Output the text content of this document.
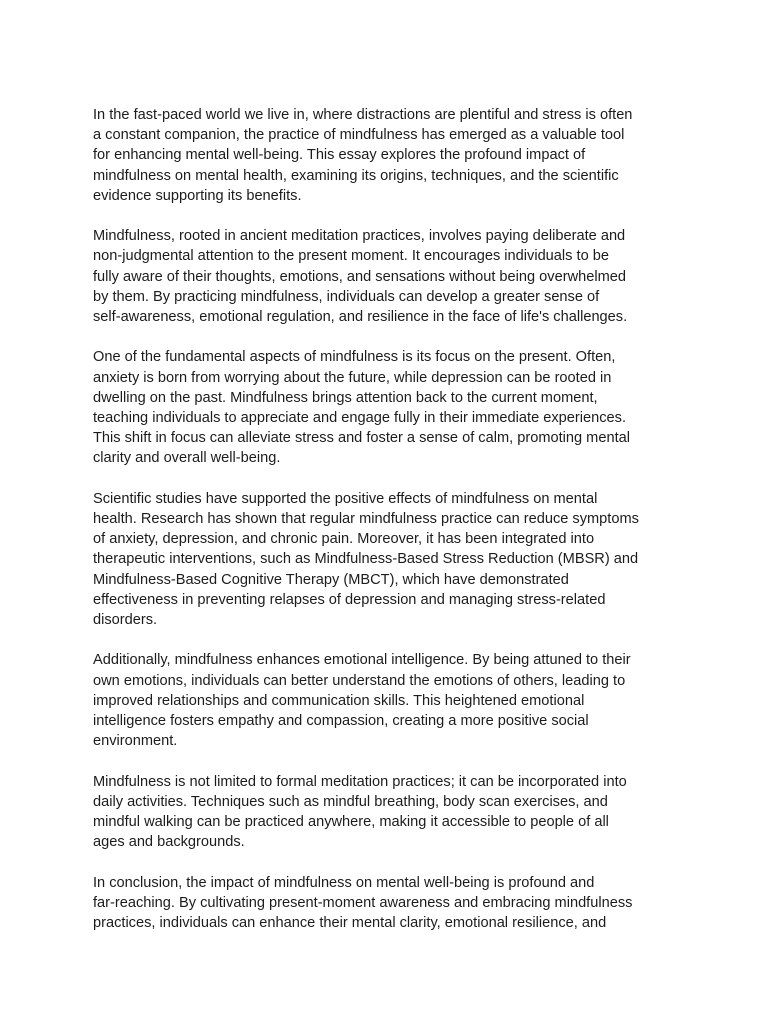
In the fast-paced world we live in, where distractions are plentiful and stress is often
a constant companion, the practice of mindfulness has emerged as a valuable tool
for enhancing mental well-being. This essay explores the profound impact of
mindfulness on mental health, examining its origins, techniques, and the scientific
evidence supporting its benefits.

Mindfulness, rooted in ancient meditation practices, involves paying deliberate and
non-judgmental attention to the present moment. It encourages individuals to be
fully aware of their thoughts, emotions, and sensations without being overwhelmed
by them. By practicing mindfulness, individuals can develop a greater sense of
self-awareness, emotional regulation, and resilience in the face of life's challenges.

One of the fundamental aspects of mindfulness is its focus on the present. Often,
anxiety is born from worrying about the future, while depression can be rooted in
dwelling on the past. Mindfulness brings attention back to the current moment,
teaching individuals to appreciate and engage fully in their immediate experiences.
This shift in focus can alleviate stress and foster a sense of calm, promoting mental
clarity and overall well-being.

Scientific studies have supported the positive effects of mindfulness on mental
health. Research has shown that regular mindfulness practice can reduce symptoms
of anxiety, depression, and chronic pain. Moreover, it has been integrated into
therapeutic interventions, such as Mindfulness-Based Stress Reduction (MBSR) and
Mindfulness-Based Cognitive Therapy (MBCT), which have demonstrated
effectiveness in preventing relapses of depression and managing stress-related
disorders.

Additionally, mindfulness enhances emotional intelligence. By being attuned to their
own emotions, individuals can better understand the emotions of others, leading to
improved relationships and communication skills. This heightened emotional
intelligence fosters empathy and compassion, creating a more positive social
environment.

Mindfulness is not limited to formal meditation practices; it can be incorporated into
daily activities. Techniques such as mindful breathing, body scan exercises, and
mindful walking can be practiced anywhere, making it accessible to people of all
ages and backgrounds.

In conclusion, the impact of mindfulness on mental well-being is profound and
far-reaching. By cultivating present-moment awareness and embracing mindfulness
practices, individuals can enhance their mental clarity, emotional resilience, and
